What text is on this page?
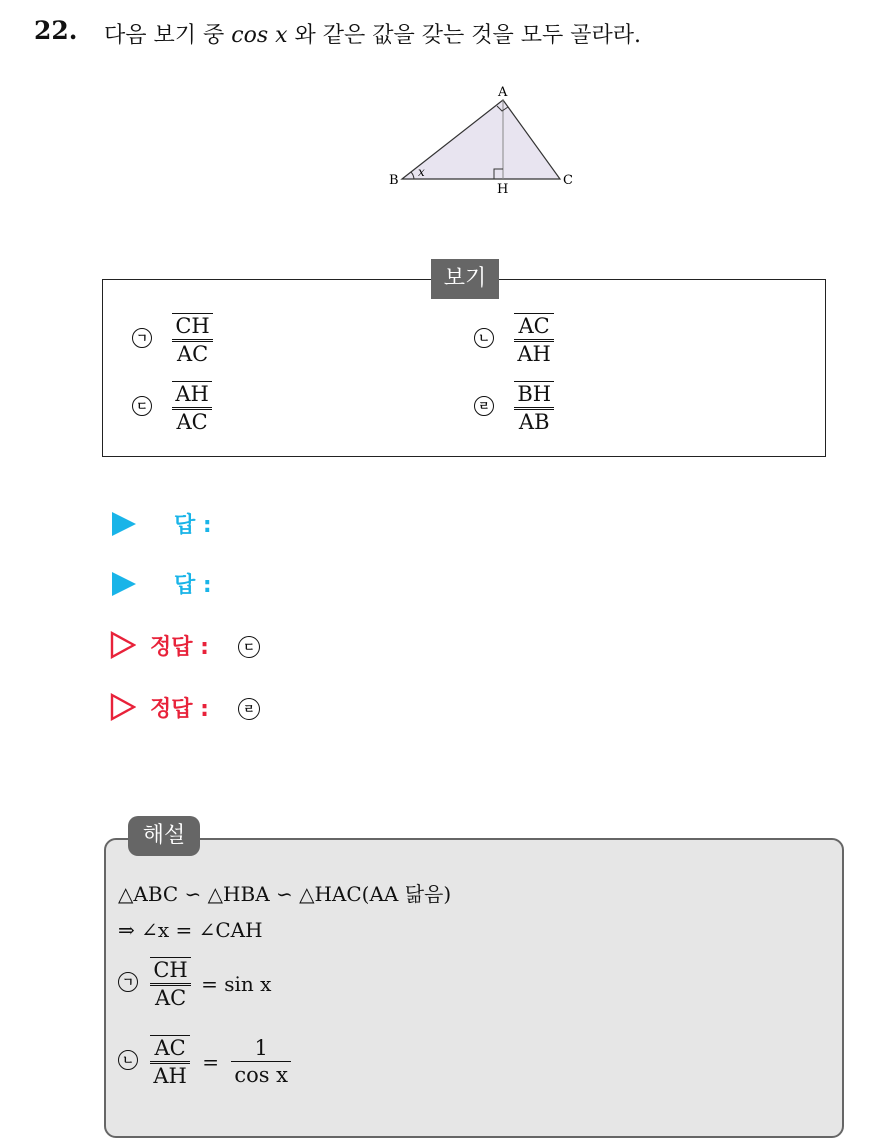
22. 다음 보기 중 cos x 와 같은 값을 갖는 것을 모두 골라라.
A
B	C
H
x
보기
ㄱ $\frac{CH}{AC}$	ㄴ $\frac{AC}{AH}$
ㄷ $\frac{AH}{AC}$	ㄹ $\frac{BH}{AB}$
답 :
답 :
정답 :	ㄷ
정답 :	ㄹ
해설
△ABC ∽ △HBA ∽ △HAC(AA 닮음)
⇒ ∠x = ∠CAH
ㄱ $\frac{CH}{AC} = \sin x$
ㄴ $\frac{AC}{AH} = \frac{1}{\text{cos x}}$
